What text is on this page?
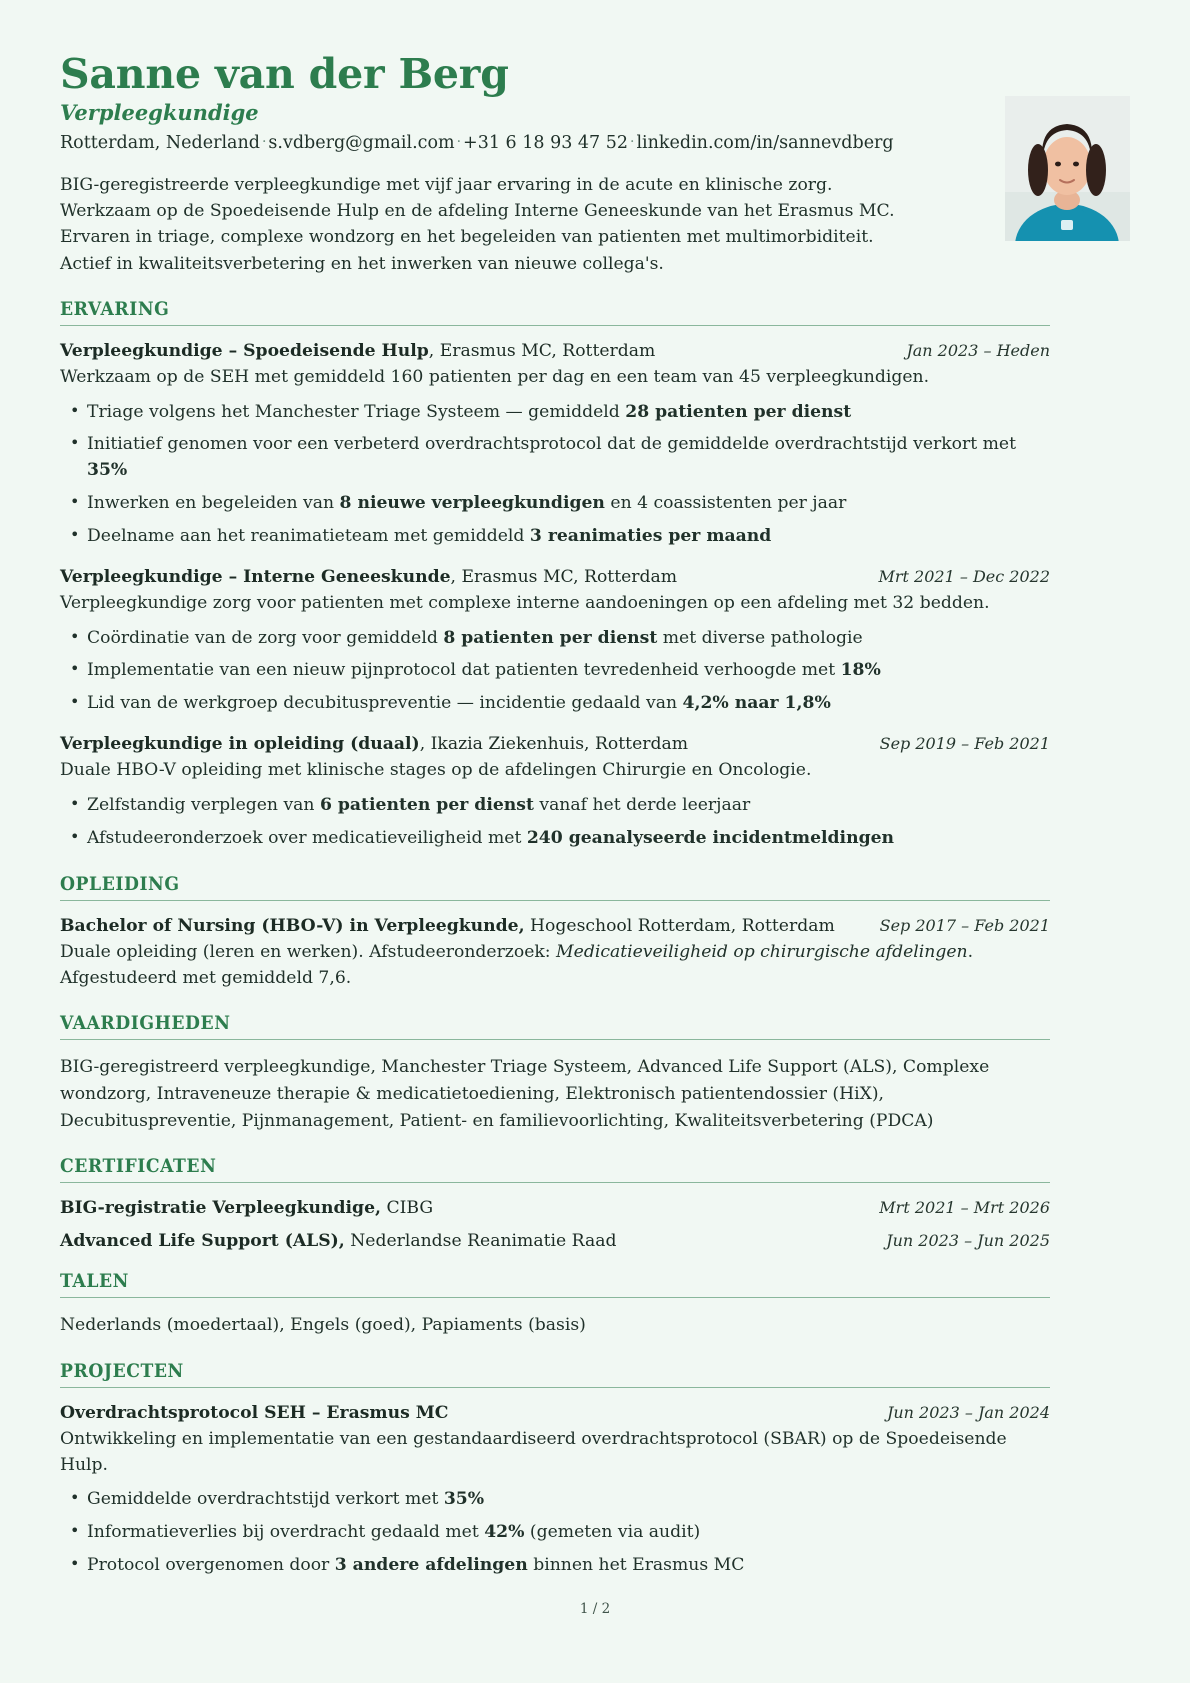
Sanne van der Berg
Verpleegkundige
Rotterdam, Nederland · s.vdberg@gmail.com · +31 6 18 93 47 52 · linkedin.com/in/sannevdberg

BIG-geregistreerde verpleegkundige met vijf jaar ervaring in de acute en klinische zorg. Werkzaam op de Spoedeisende Hulp en de afdeling Interne Geneeskunde van het Erasmus MC. Ervaren in triage, complexe wondzorg en het begeleiden van patienten met multimorbiditeit. Actief in kwaliteitsverbetering en het inwerken van nieuwe collega's.

ERVARING
Verpleegkundige – Spoedeisende Hulp, Erasmus MC, Rotterdam	Jan 2023 – Heden
Werkzaam op de SEH met gemiddeld 160 patienten per dag en een team van 45 verpleegkundigen.
• Triage volgens het Manchester Triage Systeem — gemiddeld 28 patienten per dienst
• Initiatief genomen voor een verbeterd overdrachtsprotocol dat de gemiddelde overdrachtstijd verkort met 35%
• Inwerken en begeleiden van 8 nieuwe verpleegkundigen en 4 coassistenten per jaar
• Deelname aan het reanimatieteam met gemiddeld 3 reanimaties per maand
Verpleegkundige – Interne Geneeskunde, Erasmus MC, Rotterdam	Mrt 2021 – Dec 2022
Verpleegkundige zorg voor patienten met complexe interne aandoeningen op een afdeling met 32 bedden.
• Coördinatie van de zorg voor gemiddeld 8 patienten per dienst met diverse pathologie
• Implementatie van een nieuw pijnprotocol dat patienten tevredenheid verhoogde met 18%
• Lid van de werkgroep decubituspreventie — incidentie gedaald van 4,2% naar 1,8%
Verpleegkundige in opleiding (duaal), Ikazia Ziekenhuis, Rotterdam	Sep 2019 – Feb 2021
Duale HBO-V opleiding met klinische stages op de afdelingen Chirurgie en Oncologie.
• Zelfstandig verplegen van 6 patienten per dienst vanaf het derde leerjaar
• Afstudeeronderzoek over medicatieveiligheid met 240 geanalyseerde incidentmeldingen
OPLEIDING
Bachelor of Nursing (HBO-V) in Verpleegkunde, Hogeschool Rotterdam, Rotterdam	Sep 2017 – Feb 2021
Duale opleiding (leren en werken). Afstudeeronderzoek: Medicatieveiligheid op chirurgische afdelingen. Afgestudeerd met gemiddeld 7,6.
VAARDIGHEDEN

BIG-geregistreerd verpleegkundige, Manchester Triage Systeem, Advanced Life Support (ALS), Complexe wondzorg, Intraveneuze therapie & medicatietoediening, Elektronisch patientendossier (HiX), Decubituspreventie, Pijnmanagement, Patient- en familievoorlichting, Kwaliteitsverbetering (PDCA)

CERTIFICATEN
BIG-registratie Verpleegkundige, CIBG	Mrt 2021 – Mrt 2026
Advanced Life Support (ALS), Nederlandse Reanimatie Raad	Jun 2023 – Jun 2025
TALEN

Nederlands (moedertaal), Engels (goed), Papiaments (basis)

PROJECTEN
Overdrachtsprotocol SEH – Erasmus MC	Jun 2023 – Jan 2024
Ontwikkeling en implementatie van een gestandaardiseerd overdrachtsprotocol (SBAR) op de Spoedeisende Hulp.
• Gemiddelde overdrachtstijd verkort met 35%
• Informatieverlies bij overdracht gedaald met 42% (gemeten via audit)
• Protocol overgenomen door 3 andere afdelingen binnen het Erasmus MC
1 / 2
